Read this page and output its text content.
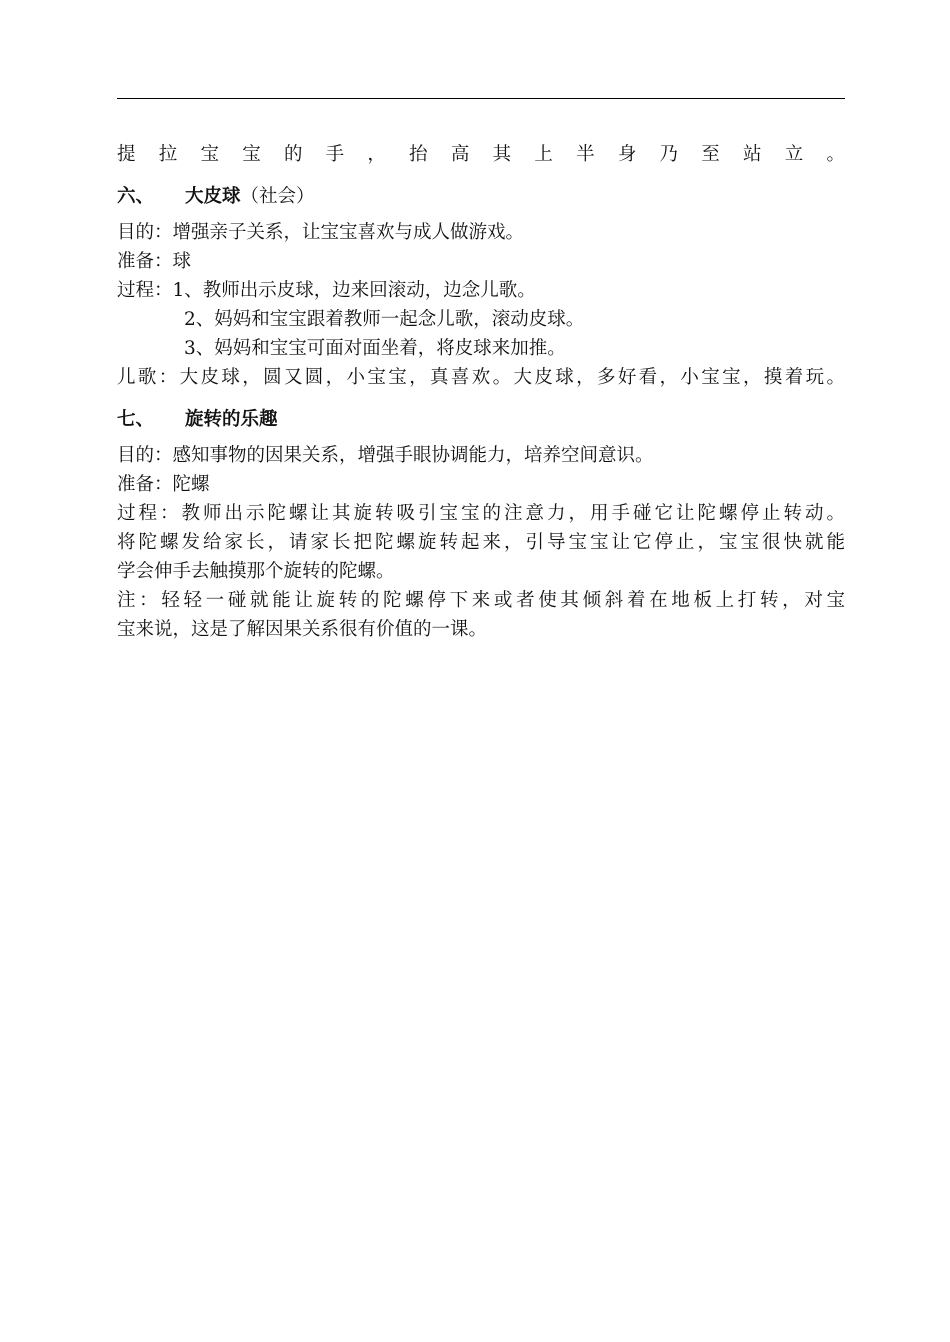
提拉宝宝的手，抬高其上半身乃至站立。
六、 大皮球（社会）
目的：增强亲子关系，让宝宝喜欢与成人做游戏。
准备：球
过程：1、教师出示皮球，边来回滚动，边念儿歌。
2、妈妈和宝宝跟着教师一起念儿歌，滚动皮球。
3、妈妈和宝宝可面对面坐着，将皮球来加推。
儿歌：大皮球，圆又圆，小宝宝，真喜欢。大皮球，多好看，小宝宝，摸着玩。
七、 旋转的乐趣
目的：感知事物的因果关系，增强手眼协调能力，培养空间意识。
准备：陀螺
过程：教师出示陀螺让其旋转吸引宝宝的注意力，用手碰它让陀螺停止转动。
将陀螺发给家长，请家长把陀螺旋转起来，引导宝宝让它停止，宝宝很快就能
学会伸手去触摸那个旋转的陀螺。
注：轻轻一碰就能让旋转的陀螺停下来或者使其倾斜着在地板上打转，对宝
宝来说，这是了解因果关系很有价值的一课。
